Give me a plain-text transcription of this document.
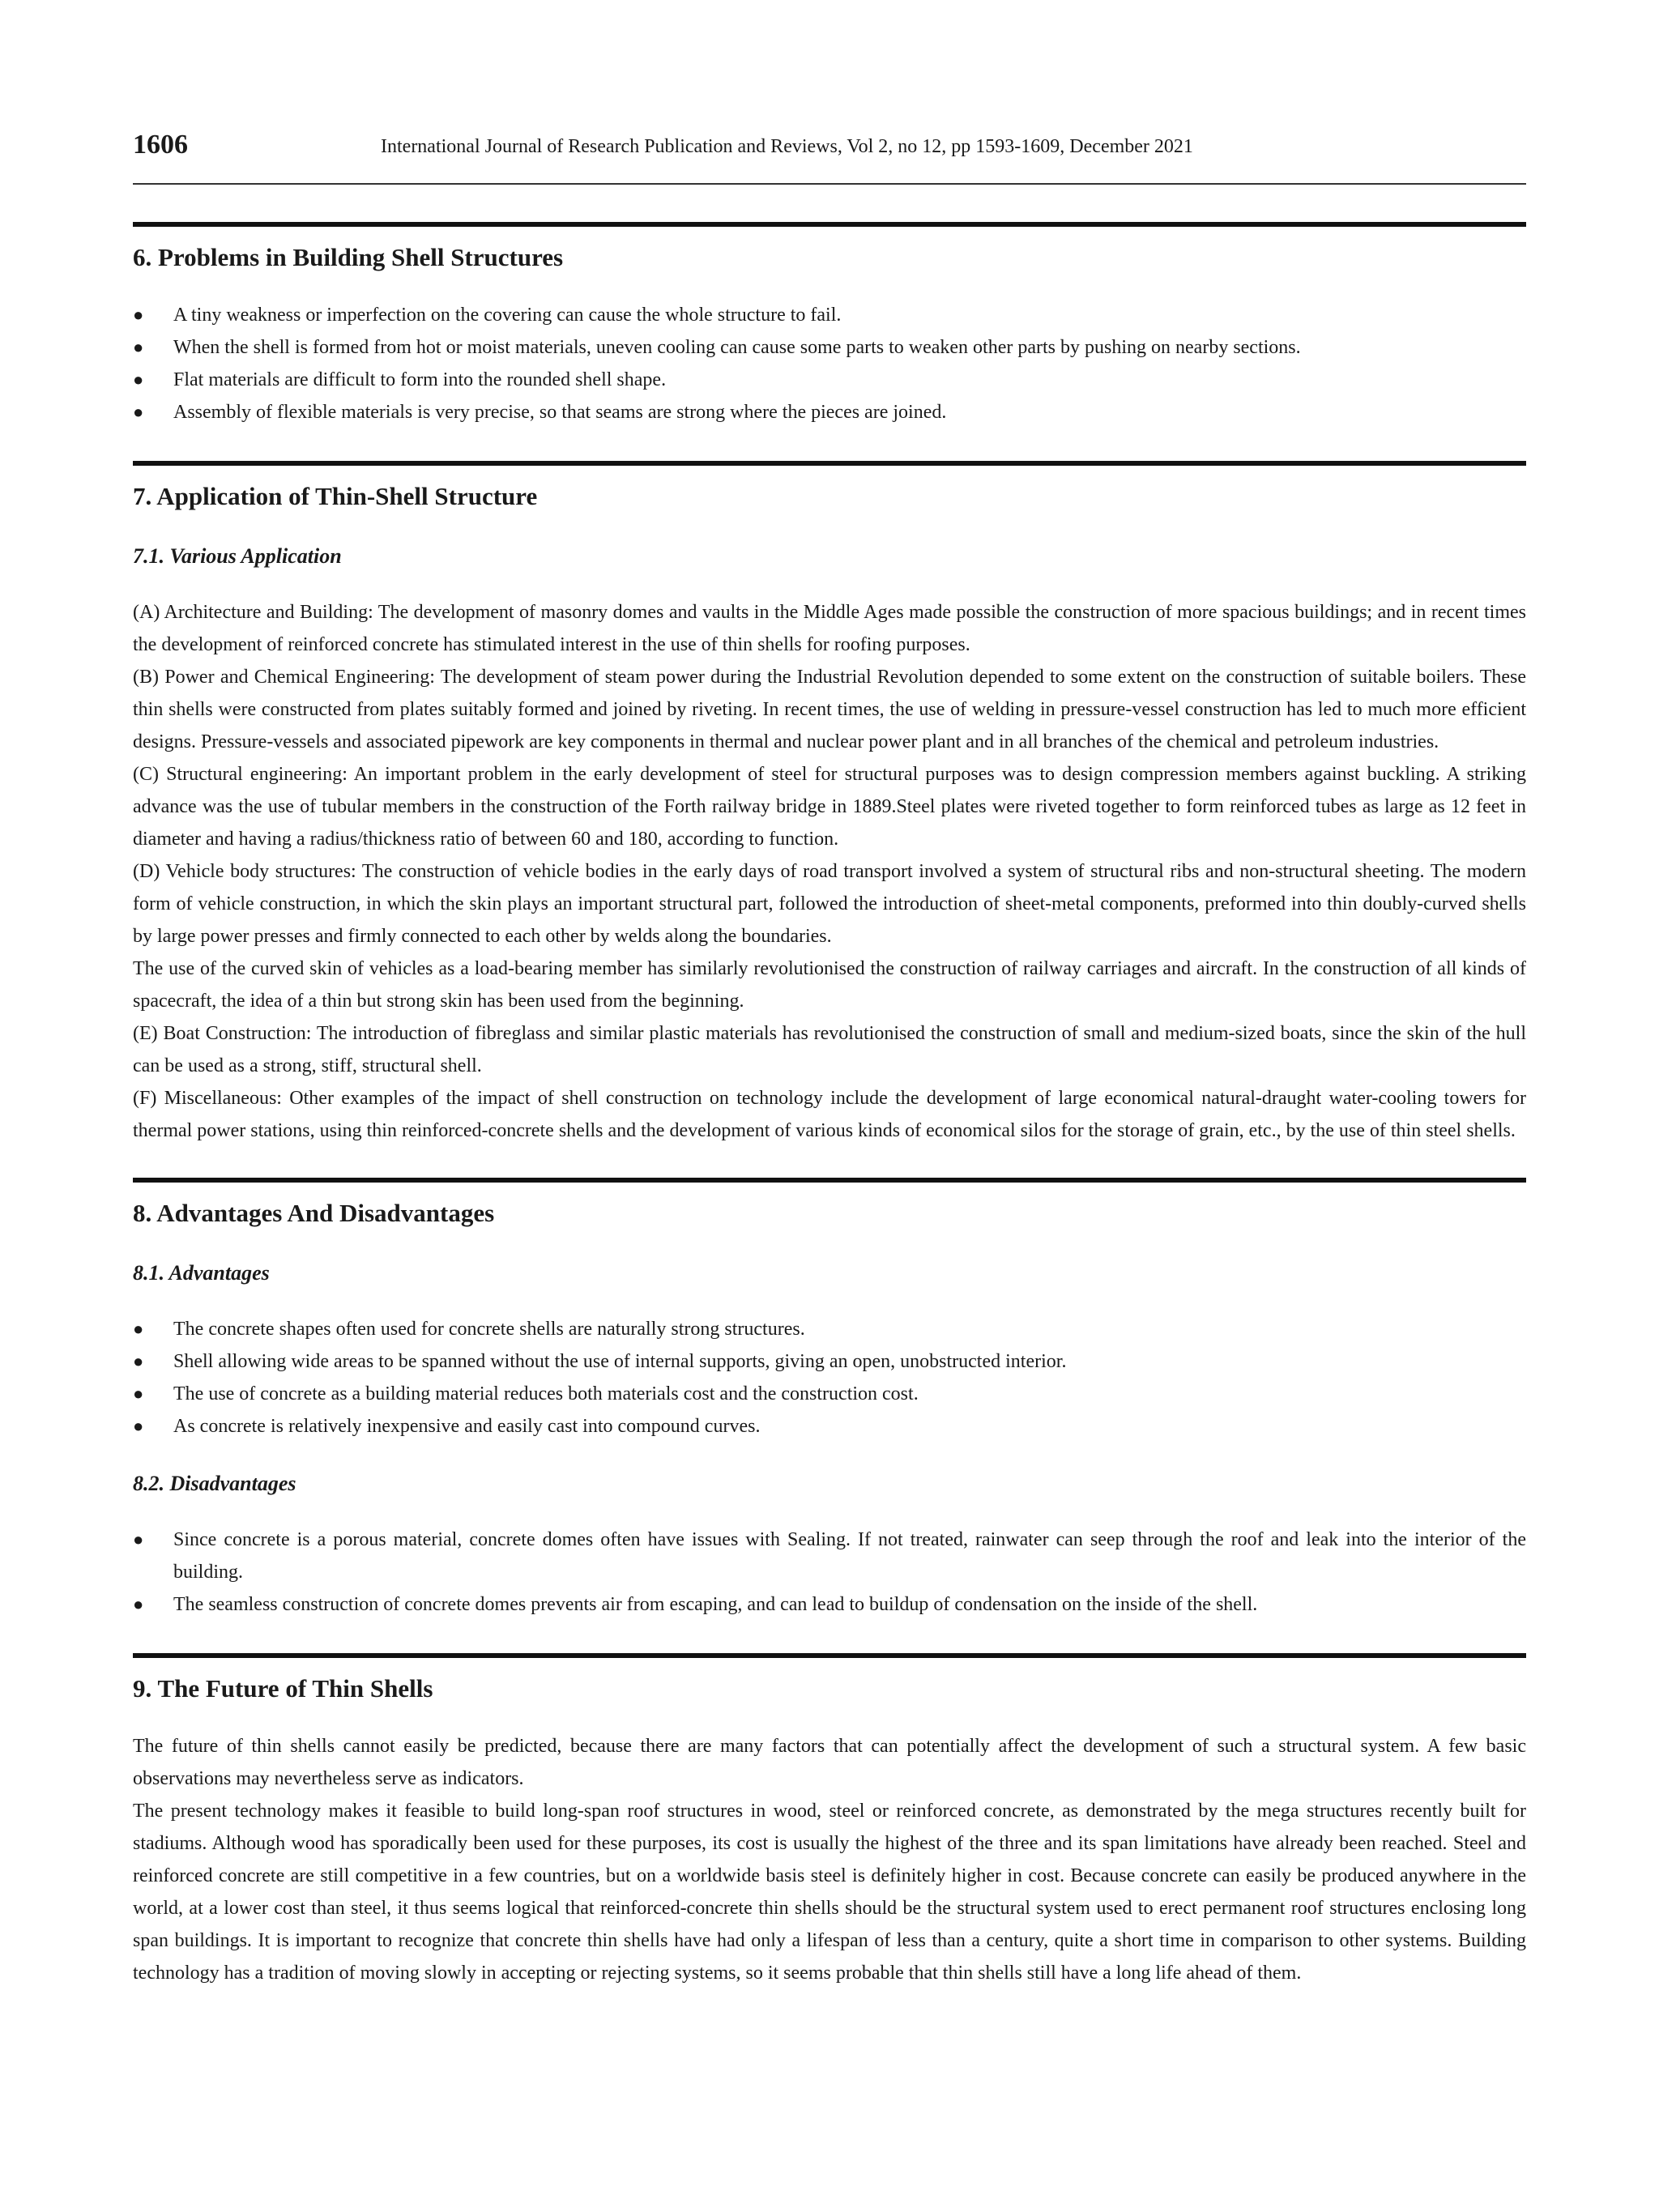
1606	International Journal of Research Publication and Reviews, Vol 2, no 12, pp 1593-1609, December 2021
6. Problems in Building Shell Structures
● A tiny weakness or imperfection on the covering can cause the whole structure to fail.
● When the shell is formed from hot or moist materials, uneven cooling can cause some parts to weaken other parts by pushing on nearby sections.
● Flat materials are difficult to form into the rounded shell shape.
● Assembly of flexible materials is very precise, so that seams are strong where the pieces are joined.
7. Application of Thin-Shell Structure
7.1. Various Application

(A) Architecture and Building: The development of masonry domes and vaults in the Middle Ages made possible the construction of more spacious buildings; and in recent times the development of reinforced concrete has stimulated interest in the use of thin shells for roofing purposes.

(B) Power and Chemical Engineering: The development of steam power during the Industrial Revolution depended to some extent on the construction of suitable boilers. These thin shells were constructed from plates suitably formed and joined by riveting. In recent times, the use of welding in pressure-vessel construction has led to much more efficient designs. Pressure-vessels and associated pipework are key components in thermal and nuclear power plant and in all branches of the chemical and petroleum industries.

(C) Structural engineering: An important problem in the early development of steel for structural purposes was to design compression members against buckling. A striking advance was the use of tubular members in the construction of the Forth railway bridge in 1889.Steel plates were riveted together to form reinforced tubes as large as 12 feet in diameter and having a radius/thickness ratio of between 60 and 180, according to function.

(D) Vehicle body structures: The construction of vehicle bodies in the early days of road transport involved a system of structural ribs and non-structural sheeting. The modern form of vehicle construction, in which the skin plays an important structural part, followed the introduction of sheet-metal components, preformed into thin doubly-curved shells by large power presses and firmly connected to each other by welds along the boundaries.

The use of the curved skin of vehicles as a load-bearing member has similarly revolutionised the construction of railway carriages and aircraft. In the construction of all kinds of spacecraft, the idea of a thin but strong skin has been used from the beginning.

(E) Boat Construction: The introduction of fibreglass and similar plastic materials has revolutionised the construction of small and medium-sized boats, since the skin of the hull can be used as a strong, stiff, structural shell.

(F) Miscellaneous: Other examples of the impact of shell construction on technology include the development of large economical natural-draught water-cooling towers for thermal power stations, using thin reinforced-concrete shells and the development of various kinds of economical silos for the storage of grain, etc., by the use of thin steel shells.

8. Advantages And Disadvantages
8.1. Advantages
● The concrete shapes often used for concrete shells are naturally strong structures.
● Shell allowing wide areas to be spanned without the use of internal supports, giving an open, unobstructed interior.
● The use of concrete as a building material reduces both materials cost and the construction cost.
● As concrete is relatively inexpensive and easily cast into compound curves.
8.2. Disadvantages
● Since concrete is a porous material, concrete domes often have issues with Sealing. If not treated, rainwater can seep through the roof and leak into the interior of the building.
● The seamless construction of concrete domes prevents air from escaping, and can lead to buildup of condensation on the inside of the shell.
9. The Future of Thin Shells

The future of thin shells cannot easily be predicted, because there are many factors that can potentially affect the development of such a structural system. A few basic observations may nevertheless serve as indicators.

The present technology makes it feasible to build long-span roof structures in wood, steel or reinforced concrete, as demonstrated by the mega structures recently built for stadiums. Although wood has sporadically been used for these purposes, its cost is usually the highest of the three and its span limitations have already been reached. Steel and reinforced concrete are still competitive in a few countries, but on a worldwide basis steel is definitely higher in cost. Because concrete can easily be produced anywhere in the world, at a lower cost than steel, it thus seems logical that reinforced-concrete thin shells should be the structural system used to erect permanent roof structures enclosing long span buildings. It is important to recognize that concrete thin shells have had only a lifespan of less than a century, quite a short time in comparison to other systems. Building technology has a tradition of moving slowly in accepting or rejecting systems, so it seems probable that thin shells still have a long life ahead of them.
